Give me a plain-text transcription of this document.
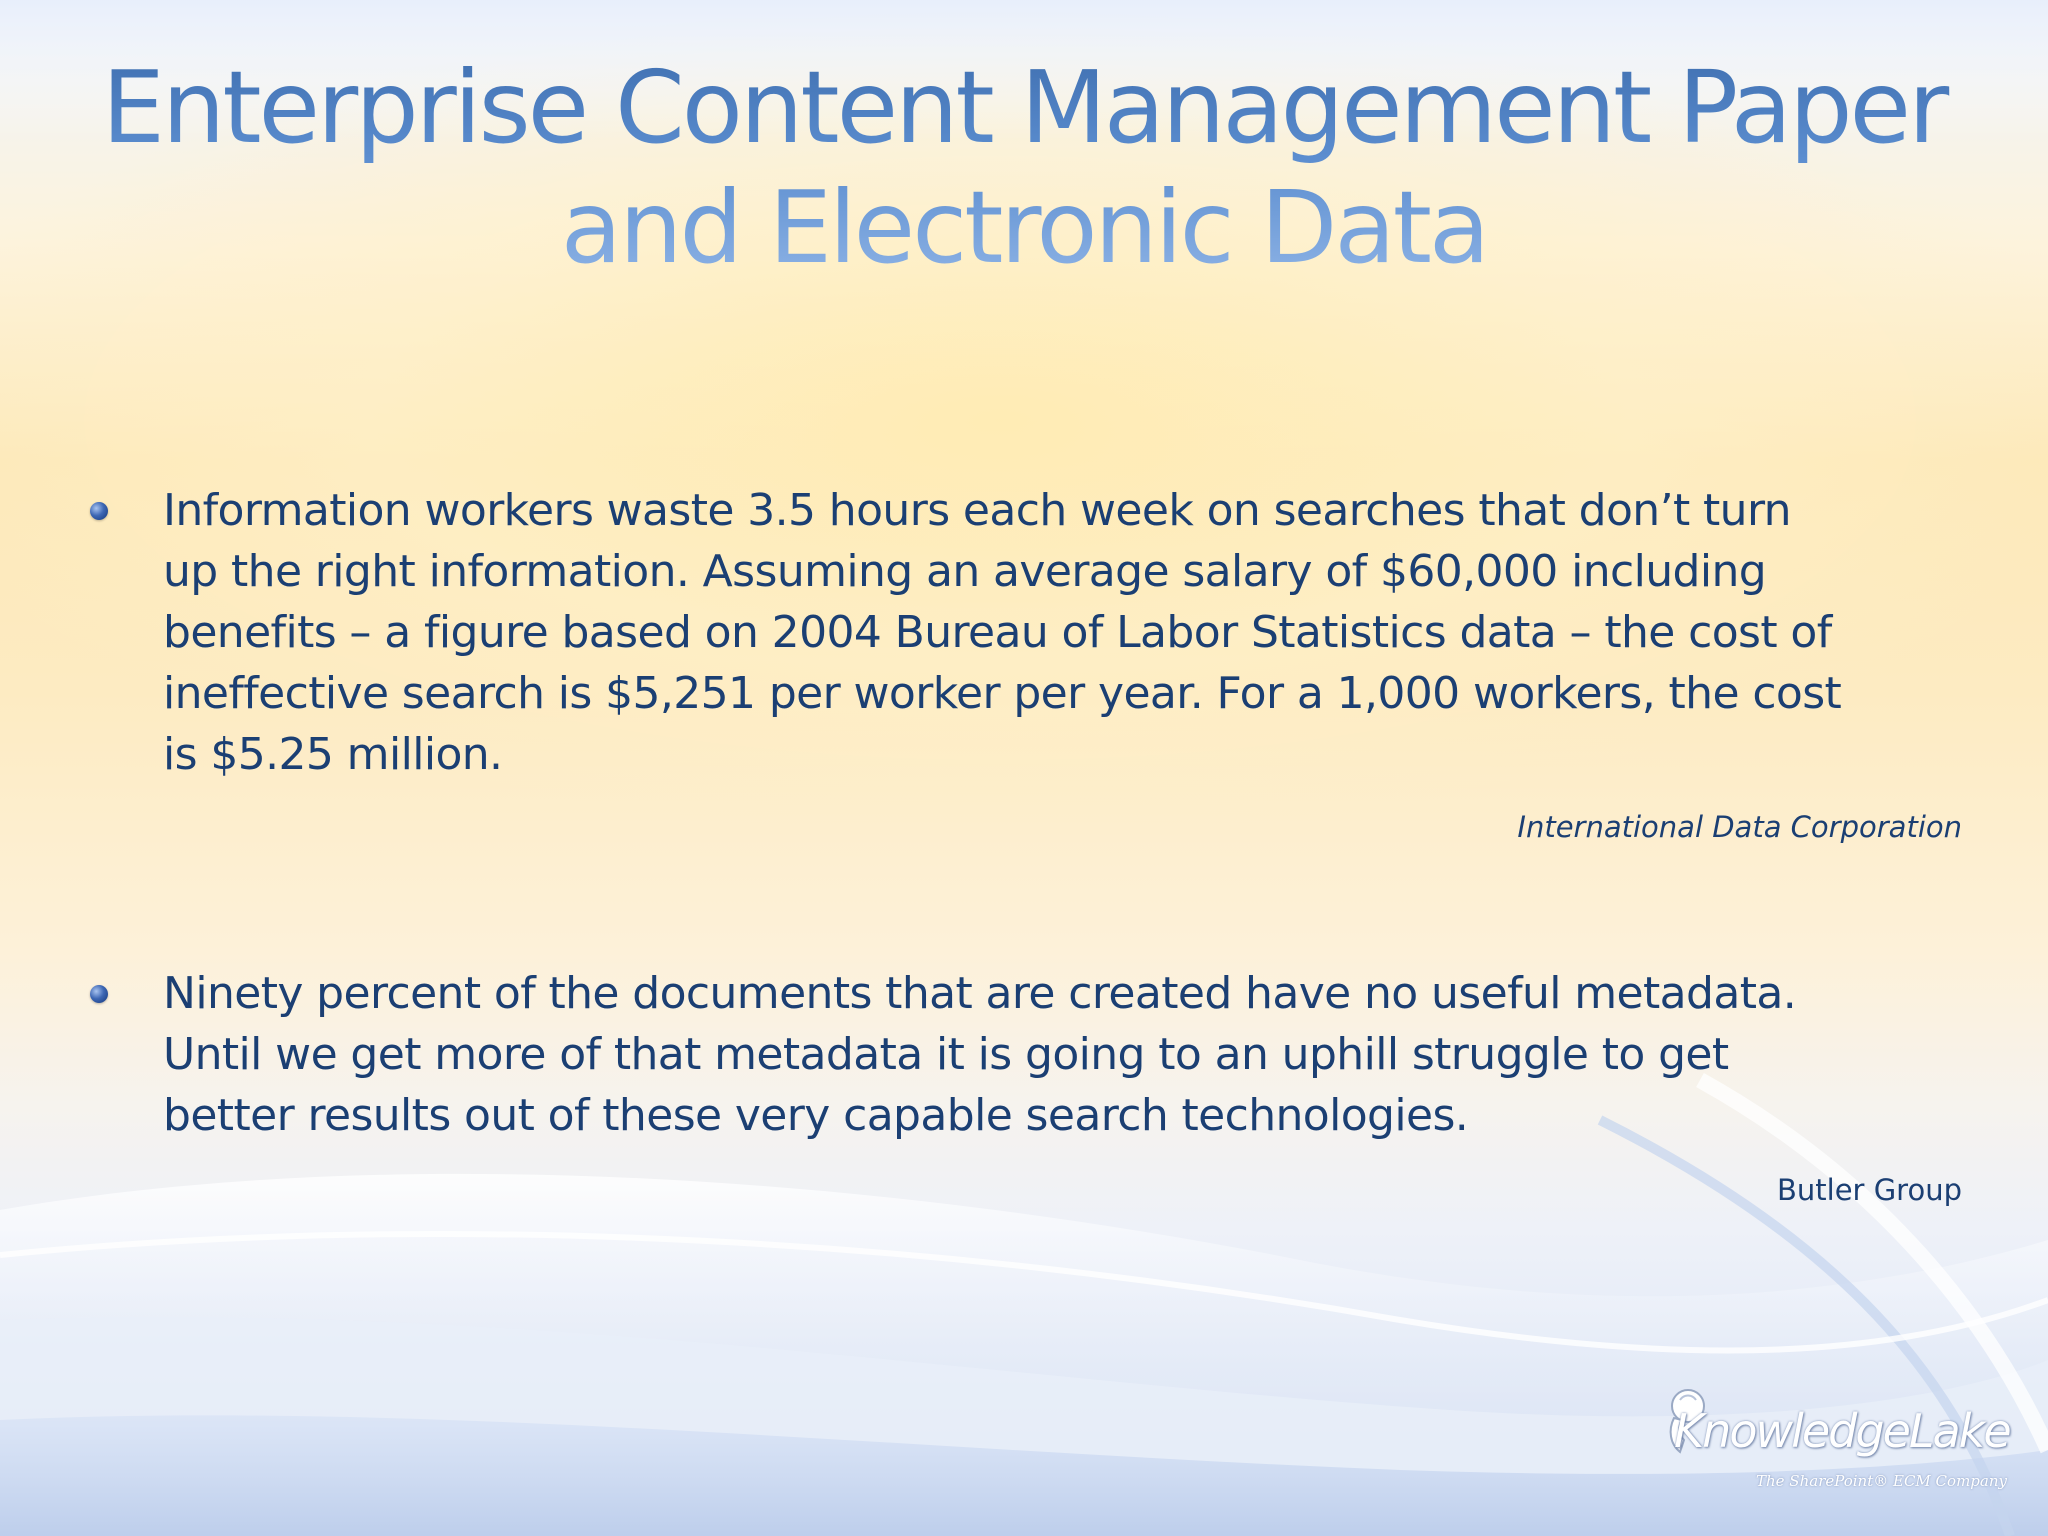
Enterprise Content Management Paper
and Electronic Data
Information workers waste 3.5 hours each week on searches that don’t turn
up the right information. Assuming an average salary of $60,000 including
benefits – a figure based on 2004 Bureau of Labor Statistics data – the cost of
ineffective search is $5,251 per worker per year. For a 1,000 workers, the cost
is $5.25 million.
International Data Corporation
Ninety percent of the documents that are created have no useful metadata.
Until we get more of that metadata it is going to an uphill struggle to get
better results out of these very capable search technologies.
Butler Group
KnowledgeLake
The SharePoint® ECM Company
